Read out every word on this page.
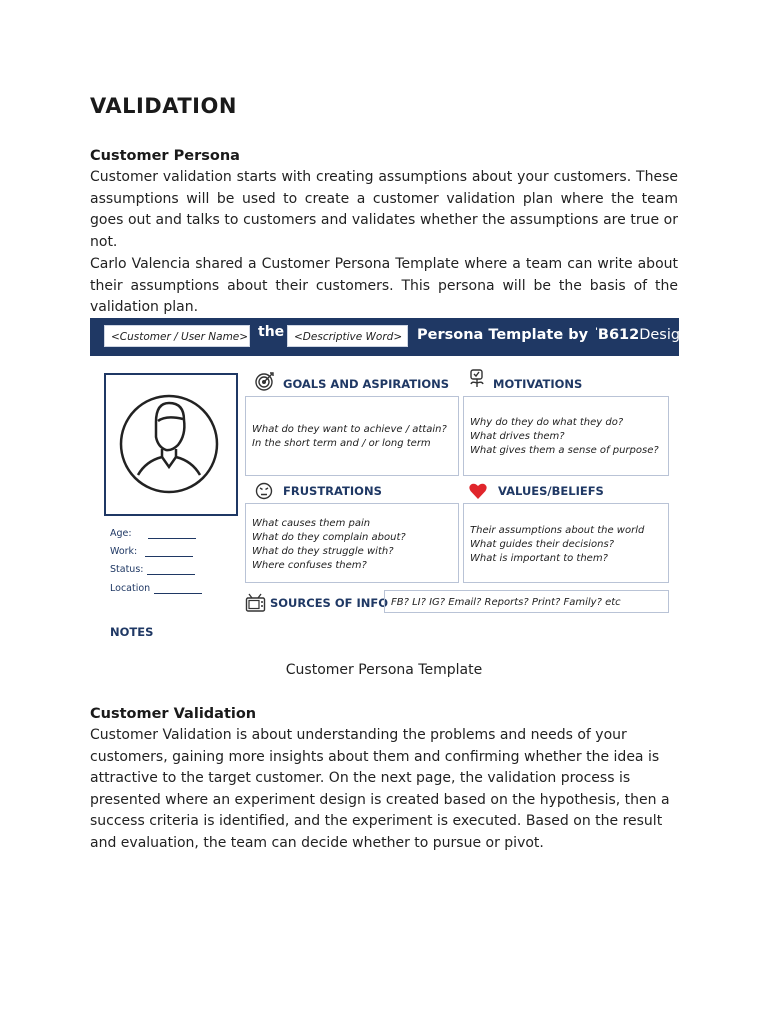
VALIDATION
Customer Persona
Customer validation starts with creating assumptions about your customers. These assumptions will be used to create a customer validation plan where the team goes out and talks to customers and validates whether the assumptions are true or not.
Carlo Valencia shared a Customer Persona Template where a team can write about their assumptions about their customers. This persona will be the basis of the validation plan.
<Customer / User Name> the <Descriptive Word>	Persona Template by 'B612Design
Age:
Work:
Status:
Location
NOTES
GOALS AND ASPIRATIONS
What do they want to achieve / attain?
In the short term and / or long term
MOTIVATIONS
Why do they do what they do?
What drives them?
What gives them a sense of purpose?
FRUSTRATIONS
What causes them pain
What do they complain about?
What do they struggle with?
Where confuses them?
VALUES/BELIEFS
Their assumptions about the world
What guides their decisions?
What is important to them?
SOURCES OF INFO FB? LI? IG? Email? Reports? Print? Family? etc
Customer Persona Template
Customer Validation
Customer Validation is about understanding the problems and needs of your customers, gaining more insights about them and confirming whether the idea is attractive to the target customer. On the next page, the validation process is presented where an experiment design is created based on the hypothesis, then a success criteria is identified, and the experiment is executed. Based on the result and evaluation, the team can decide whether to pursue or pivot.
